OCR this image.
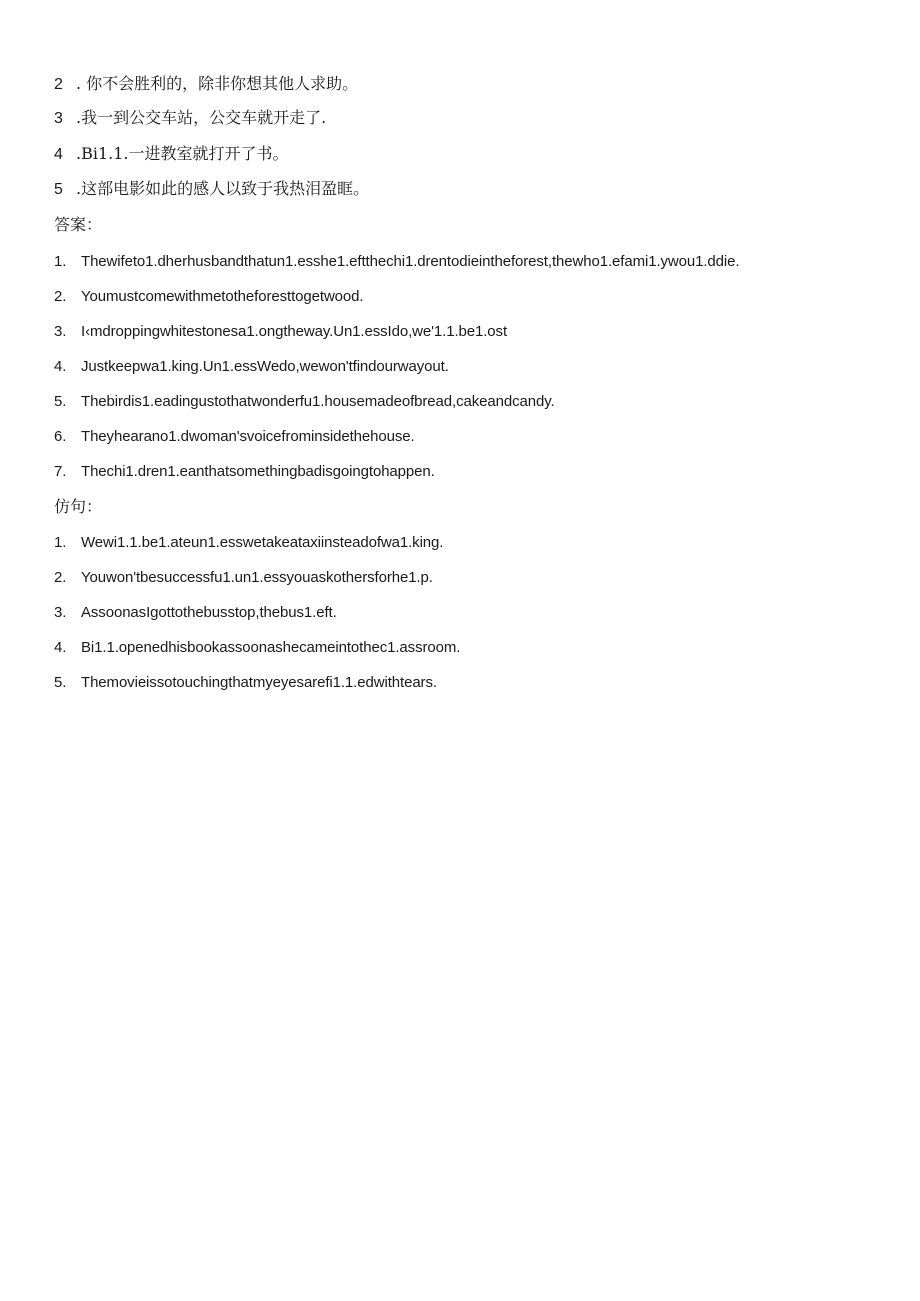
2 . 你不会胜利的，除非你想其他人求助。
3 .我一到公交车站，公交车就开走了.
4 .Bi1.1.一进教室就打开了书。
5 .这部电影如此的感人以致于我热泪盈眶。
答案：
1. Thewifeto1.dherhusbandthatun1.esshe1.eftthechi1.drentodieintheforest,thewho1.efami1.ywou1.ddie.
2. Youmustcomewithmetotheforesttogetwood.
3. I‹mdroppingwhitestonesa1.ongtheway.Un1.essIdo,we'1.1.be1.ost
4. Justkeepwa1.king.Un1.essWedo,wewon'tfindourwayout.
5. Thebirdis1.eadingustothatwonderfu1.housemadeofbread,cakeandcandy.
6. Theyhearano1.dwoman'svoicefrominsidethehouse.
7. Thechi1.dren1.eanthatsomethingbadisgoingtohappen.
仿句：
1. Wewi1.1.be1.ateun1.esswetakeataxiinsteadofwa1.king.
2. Youwon'tbesuccessfu1.un1.essyouaskothersforhe1.p.
3. AssoonasIgottothebusstop,thebus1.eft.
4. Bi1.1.openedhisbookassoonashecameintothec1.assroom.
5. Themovieissotouchingthatmyeyesarefi1.1.edwithtears.
